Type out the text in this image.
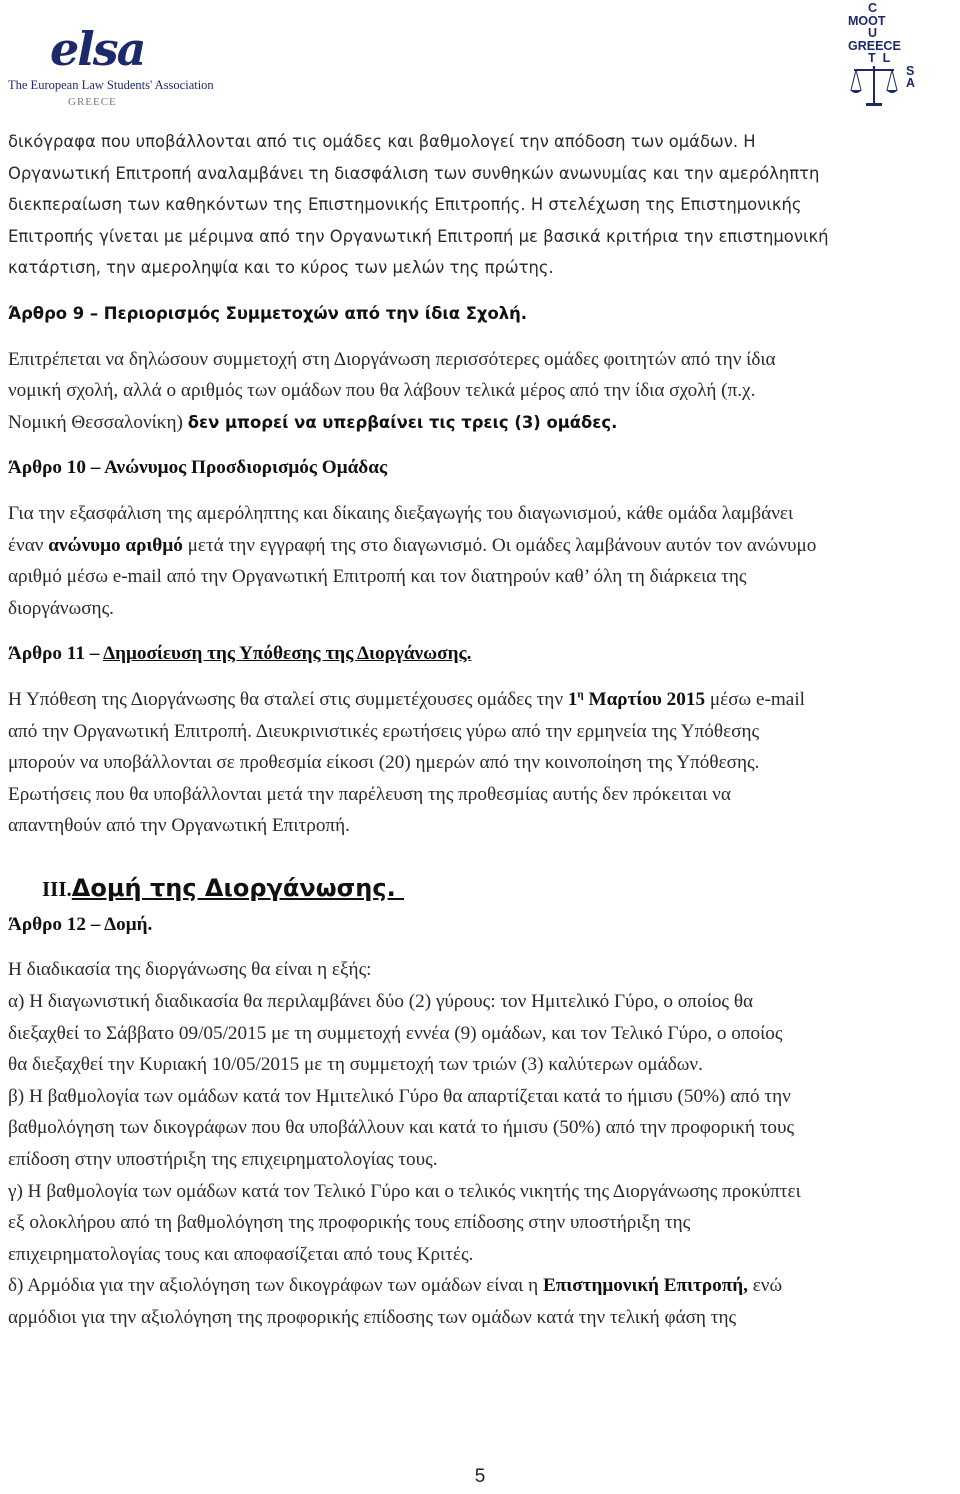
elsa
The European Law Students' Association
GREECE
C
MOOT
U
GREECE
T  L
S
A

δικόγραφα που υποβάλλονται από τις ομάδες και βαθμολογεί την απόδοση των ομάδων. Η

Οργανωτική Επιτροπή αναλαμβάνει τη διασφάλιση των συνθηκών ανωνυμίας και την αμερόληπτη

διεκπεραίωση των καθηκόντων της Επιστημονικής Επιτροπής. Η στελέχωση της Επιστημονικής

Επιτροπής γίνεται με μέριμνα από την Οργανωτική Επιτροπή με βασικά κριτήρια την επιστημονική

κατάρτιση, την αμεροληψία και το κύρος των μελών της πρώτης.

Άρθρο 9 – Περιορισμός Συμμετοχών από την ίδια Σχολή.

Επιτρέπεται να δηλώσουν συμμετοχή στη Διοργάνωση περισσότερες ομάδες φοιτητών από την ίδια

νομική σχολή, αλλά ο αριθμός των ομάδων που θα λάβουν τελικά μέρος από την ίδια σχολή (π.χ.

Νομική Θεσσαλονίκη) δεν μπορεί να υπερβαίνει τις τρεις (3) ομάδες.

Άρθρο 10 – Ανώνυμος Προσδιορισμός Ομάδας

Για την εξασφάλιση της αμερόληπτης και δίκαιης διεξαγωγής του διαγωνισμού, κάθε ομάδα λαμβάνει

έναν ανώνυμο αριθμό μετά την εγγραφή της στο διαγωνισμό. Οι ομάδες λαμβάνουν αυτόν τον ανώνυμο

αριθμό μέσω e-mail από την Οργανωτική Επιτροπή και τον διατηρούν καθ’ όλη τη διάρκεια της

διοργάνωσης.

Άρθρο 11 – Δημοσίευση της Υπόθεσης της Διοργάνωσης.

Η Υπόθεση της Διοργάνωσης θα σταλεί στις συμμετέχουσες ομάδες την $1^\eta$ Μαρτίου 2015 μέσω e-mail

από την Οργανωτική Επιτροπή. Διευκρινιστικές ερωτήσεις γύρω από την ερμηνεία της Υπόθεσης

μπορούν να υποβάλλονται σε προθεσμία είκοσι (20) ημερών από την κοινοποίηση της Υπόθεσης.

Ερωτήσεις που θα υποβάλλονται μετά την παρέλευση της προθεσμίας αυτής δεν πρόκειται να

απαντηθούν από την Οργανωτική Επιτροπή.

III.Δομή της Διοργάνωσης.

Άρθρο 12 – Δομή.

Η διαδικασία της διοργάνωσης θα είναι η εξής:

α) Η διαγωνιστική διαδικασία θα περιλαμβάνει δύο (2) γύρους: τον Ημιτελικό Γύρο, ο οποίος θα

διεξαχθεί το Σάββατο 09/05/2015 με τη συμμετοχή εννέα (9) ομάδων, και τον Τελικό Γύρο, ο οποίος

θα διεξαχθεί την Κυριακή 10/05/2015 με τη συμμετοχή των τριών (3) καλύτερων ομάδων.

β) Η βαθμολογία των ομάδων κατά τον Ημιτελικό Γύρο θα απαρτίζεται κατά το ήμισυ (50%) από την

βαθμολόγηση των δικογράφων που θα υποβάλλουν και κατά το ήμισυ (50%) από την προφορική τους

επίδοση στην υποστήριξη της επιχειρηματολογίας τους.

γ) Η βαθμολογία των ομάδων κατά τον Τελικό Γύρο και ο τελικός νικητής της Διοργάνωσης προκύπτει

εξ ολοκλήρου από τη βαθμολόγηση της προφορικής τους επίδοσης στην υποστήριξη της

επιχειρηματολογίας τους και αποφασίζεται από τους Κριτές.

δ) Αρμόδια για την αξιολόγηση των δικογράφων των ομάδων είναι η Επιστημονική Επιτροπή, ενώ

αρμόδιοι για την αξιολόγηση της προφορικής επίδοσης των ομάδων κατά την τελική φάση της

5
